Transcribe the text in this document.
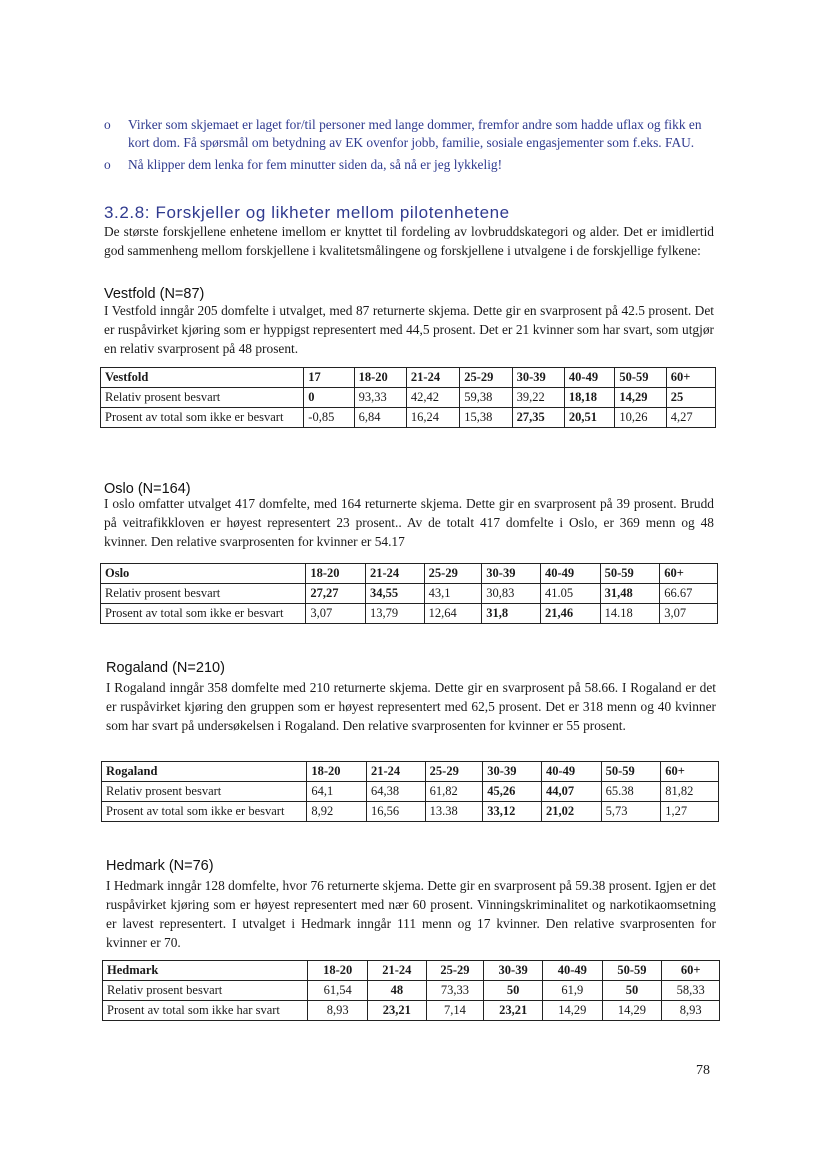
o Virker som skjemaet er laget for/til personer med lange dommer, fremfor andre som hadde uflax og fikk en kort dom. Få spørsmål om betydning av EK ovenfor jobb, familie, sosiale engasjementer som f.eks. FAU.

o Nå klipper dem lenka for fem minutter siden da, så nå er jeg lykkelig!

3.2.8: Forskjeller og likheter mellom pilotenhetene
De største forskjellene enhetene imellom er knyttet til fordeling av lovbruddskategori og alder. Det er imidlertid god sammenheng mellom forskjellene i kvalitetsmålingene og forskjellene i utvalgene i de forskjellige fylkene:
Vestfold (N=87)
I Vestfold inngår 205 domfelte i utvalget, med 87 returnerte skjema. Dette gir en svarprosent på 42.5 prosent. Det er ruspåvirket kjøring som er hyppigst representert med 44,5 prosent. Det er 21 kvinner som har svart, som utgjør en relativ svarprosent på 48 prosent.
Vestfold	17	18-20	21-24	25-29	30-39	40-49	50-59	60+
Relativ prosent besvart	0	93,33	42,42	59,38	39,22	18,18	14,29	25
Prosent av total som ikke er besvart	-0,85	6,84	16,24	15,38	27,35	20,51	10,26	4,27
Oslo (N=164)
I oslo omfatter utvalget 417 domfelte, med 164 returnerte skjema. Dette gir en svarprosent på 39 prosent. Brudd på veitrafikkloven er høyest representert 23 prosent.. Av de totalt 417 domfelte i Oslo, er 369 menn og 48 kvinner. Den relative svarprosenten for kvinner er 54.17
Oslo	18-20	21-24	25-29	30-39	40-49	50-59	60+
Relativ prosent besvart	27,27	34,55	43,1	30,83	41.05	31,48	66.67
Prosent av total som ikke er besvart	3,07	13,79	12,64	31,8	21,46	14.18	3,07
Rogaland (N=210)
I Rogaland inngår 358 domfelte med 210 returnerte skjema. Dette gir en svarprosent på 58.66. I Rogaland er det er ruspåvirket kjøring den gruppen som er høyest representert med 62,5 prosent. Det er 318 menn og 40 kvinner som har svart på undersøkelsen i Rogaland. Den relative svarprosenten for kvinner er 55 prosent.
Rogaland	18-20	21-24	25-29	30-39	40-49	50-59	60+
Relativ prosent besvart	64,1	64,38	61,82	45,26	44,07	65.38	81,82
Prosent av total som ikke er besvart	8,92	16,56	13.38	33,12	21,02	5,73	1,27
Hedmark (N=76)
I Hedmark inngår 128 domfelte, hvor 76 returnerte skjema. Dette gir en svarprosent på 59.38 prosent. Igjen er det ruspåvirket kjøring som er høyest representert med nær 60 prosent. Vinningskriminalitet og narkotikaomsetning er lavest representert. I utvalget i Hedmark inngår 111 menn og 17 kvinner. Den relative svarprosenten for kvinner er 70.
Hedmark	18-20	21-24	25-29	30-39	40-49	50-59	60+
Relativ prosent besvart	61,54	48	73,33	50	61,9	50	58,33
Prosent av total som ikke har svart	8,93	23,21	7,14	23,21	14,29	14,29	8,93
78
